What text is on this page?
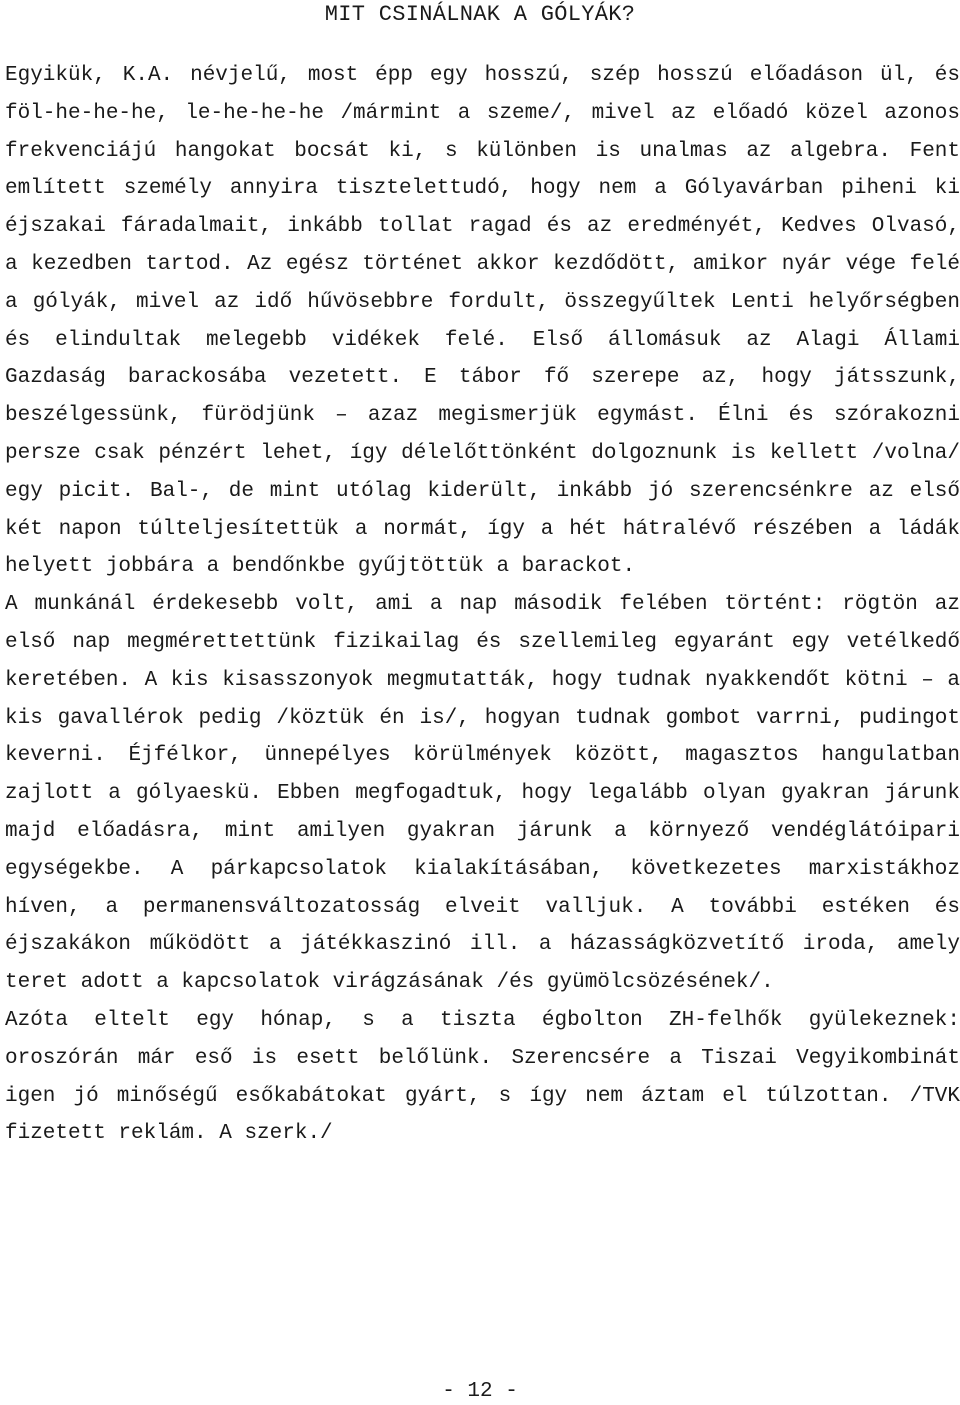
MIT CSINÁLNAK A GÓLYÁK?

Egyikük, K.A. névjelű, most épp egy hosszú, szép hosszú előadáson ül, és föl-he-he-he, le-he-he-he /mármint a szeme/, mivel az előadó közel azonos frekvenciájú hangokat bocsát ki, s különben is unalmas az algebra. Fent említett személy annyira tisztelettudó, hogy nem a Gólyavárban piheni ki éjszakai fáradalmait, inkább tollat ragad és az eredményét, Kedves Olvasó, a kezedben tartod. Az egész történet akkor kezdődött, amikor nyár vége felé a gólyák, mivel az idő hűvösebbre fordult, összegyűltek Lenti helyőrségben és elindultak melegebb vidékek felé. Első állomásuk az Alagi Állami Gazdaság barackosába vezetett. E tábor fő szerepe az, hogy játsszunk, beszélgessünk, fürödjünk – azaz megismerjük egymást. Élni és szórakozni persze csak pénzért lehet, így délelőttönként dolgoznunk is kellett /volna/ egy picit. Bal-, de mint utólag kiderült, inkább jó szerencsénkre az első két napon túlteljesítettük a normát, így a hét hátralévő részében a ládák helyett jobbára a bendőnkbe gyűjtöttük a barackot.

A munkánál érdekesebb volt, ami a nap második felében történt: rögtön az első nap megmérettettünk fizikailag és szellemileg egyaránt egy vetélkedő keretében. A kis kisasszonyok megmutatták, hogy tudnak nyakkendőt kötni – a kis gavallérok pedig /köztük én is/, hogyan tudnak gombot varrni, pudingot keverni. Éjfélkor, ünnepélyes körülmények között, magasztos hangulatban zajlott a gólyaeskü. Ebben megfogadtuk, hogy legalább olyan gyakran járunk majd előadásra, mint amilyen gyakran járunk a környező vendéglátóipari egységekbe. A párkapcsolatok kialakításában, következetes marxistákhoz híven, a permanensváltozatosság elveit valljuk. A további estéken és éjszakákon működött a játékkaszinó ill. a házasságközvetítő iroda, amely teret adott a kapcsolatok virágzásának /és gyümölcsözésének/.

Azóta eltelt egy hónap, s a tiszta égbolton ZH-felhők gyülekeznek: oroszórán már eső is esett belőlünk. Szerencsére a Tiszai Vegyikombinát igen jó minőségű esőkabátokat gyárt, s így nem áztam el túlzottan. /TVK fizetett reklám. A szerk./

- 12 -
